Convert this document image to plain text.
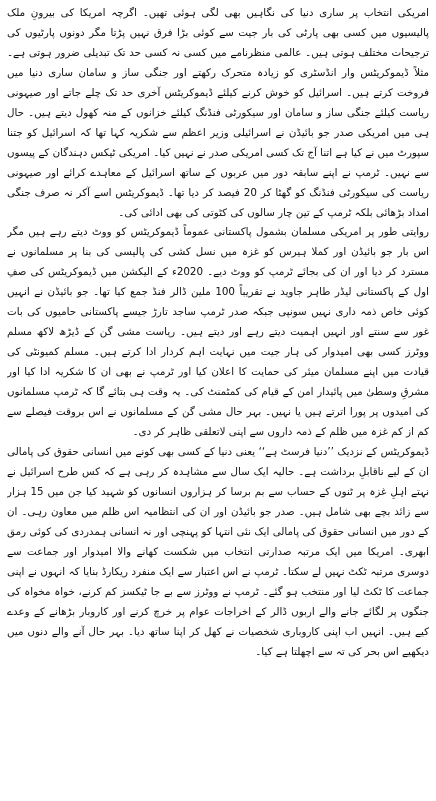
امریکی انتخاب پر ساری دنیا کی نگاہیں بھی لگی ہوئی تھیں۔ اگرچہ امریکا کی بیرونِ ملک پالیسیوں میں کسی بھی پارٹی کی بار جیت سے کوئی بڑا فرق نہیں پڑتا مگر دونوں پارٹیوں کی ترجیحات مختلف ہوتی ہیں۔ عالمی منظرنامے میں کسی نہ کسی حد تک تبدیلی ضرور ہوتی ہے۔ مثلاً ڈیموکریٹس وار انڈسٹری کو زیادہ متحرک رکھتے اور جنگی ساز و سامان ساری دنیا میں فروخت کرتے ہیں۔ اسرائیل کو خوش کرنے کیلئے ڈیموکریٹس آخری حد تک چلے جاتے اور صیہونی ریاست کیلئے جنگی ساز و سامان اور سیکورٹی فنڈنگ کیلئے خزانوں کے منہ کھول دیتے ہیں۔ حال ہی میں امریکی صدر جو بائیڈن نے اسرائیلی وزیر اعظم سے شکریہ کہا تھا کہ اسرائیل کو جتنا سپورٹ میں نے کیا ہے اتنا آج تک کسی امریکی صدر نے نہیں کیا۔ امریکی ٹیکس دہندگان کے پیسوں سے نہیں۔ ٹرمپ نے اپنے سابقہ دور میں عربوں کے ساتھ اسرائیل کے معاہدے کرائے اور صیہونی ریاست کی سیکورٹی فنڈنگ کو گھٹا کر 20 فیصد کر دیا تھا۔ ڈیموکریٹس اسے آکر نہ صرف جنگی امداد بڑھائی بلکہ ٹرمپ کے تین چار سالوں کی کٹوتی کی بھی ادائی کی۔

روایتی طور پر امریکی مسلمان بشمول پاکستانی عموماً ڈیموکریٹس کو ووٹ دیتے رہے ہیں مگر اس بار جو بائیڈن اور کملا ہیرس کو غزہ میں نسل کشی کی پالیسی کی بنا پر مسلمانوں نے مسترد کر دیا اور ان کی بجائے ٹرمپ کو ووٹ دیے۔ 2020ء کے الیکشن میں ڈیموکریٹس کی صفِ اول کے پاکستانی لیڈر طاہر جاوید نے تقریباً 100 ملین ڈالر فنڈ جمع کیا تھا۔ جو بائیڈن نے انہیں کوئی خاص ذمہ داری نہیں سونپی جبکہ صدر ٹرمپ ساجد تارڑ جیسے پاکستانی حامیوں کی بات غور سے سنتے اور انہیں اہمیت دیتے رہے اور دیتے ہیں۔ ریاست مشی گن کے ڈیڑھ لاکھ مسلم ووٹرز کسی بھی امیدوار کی ہار جیت میں نہایت اہم کردار ادا کرتے ہیں۔ مسلم کمیونٹی کی قیادت میں اپنے مسلمان میئر کی حمایت کا اعلان کیا اور ٹرمپ نے بھی ان کا شکریہ ادا کیا اور مشرقِ وسطیٰ میں پائیدار امن کے قیام کی کمٹمنٹ کی۔ یہ وقت ہی بتائے گا کہ ٹرمپ مسلمانوں کی امیدوں پر پورا اترتے ہیں یا نہیں۔ بہر حال مشی گن کے مسلمانوں نے اس بروقت فیصلے سے کم از کم غزہ میں ظلم کے ذمہ داروں سے اپنی لاتعلقی ظاہر کر دی۔

ڈیموکریٹس کے نزدیک ’’دنیا فرسٹ ہے‘‘ یعنی دنیا کے کسی بھی کونے میں انسانی حقوق کی پامالی ان کے لیے ناقابلِ برداشت ہے۔ حالیہ ایک سال سے مشاہدہ کر رہی ہے کہ کس طرح اسرائیل نے نہتے اہلِ غزہ پر ٹنوں کے حساب سے بم برسا کر ہزاروں انسانوں کو شہید کیا جن میں 15 ہزار سے زائد بچے بھی شامل ہیں۔ صدر جو بائیڈن اور ان کی انتظامیہ اس ظلم میں معاون رہی۔ ان کے دور میں انسانی حقوق کی پامالی ایک نئی انتہا کو پہنچی اور نہ انسانی ہمدردی کی کوئی رمق ابھری۔ امریکا میں ایک مرتبہ صدارتی انتخاب میں شکست کھانے والا امیدوار اور جماعت سے دوسری مرتبہ ٹکٹ نہیں لے سکتا۔ ٹرمپ نے اس اعتبار سے ایک منفرد ریکارڈ بنایا کہ انہوں نے اپنی جماعت کا ٹکٹ لیا اور منتخب ہو گئے۔ ٹرمپ نے ووٹرز سے بے جا ٹیکسز کم کرنے، خواہ مخواہ کی جنگوں پر لگائے جانے والے اربوں ڈالر کے اخراجات عوام پر خرچ کرنے اور کاروبار بڑھانے کے وعدے کیے ہیں۔ انہیں اب اپنی کاروباری شخصیات نے کھل کر اپنا ساتھ دیا۔ بہر حال آنے والے دنوں میں دیکھیے اس بحر کی تہ سے اچھلتا ہے کیا۔
